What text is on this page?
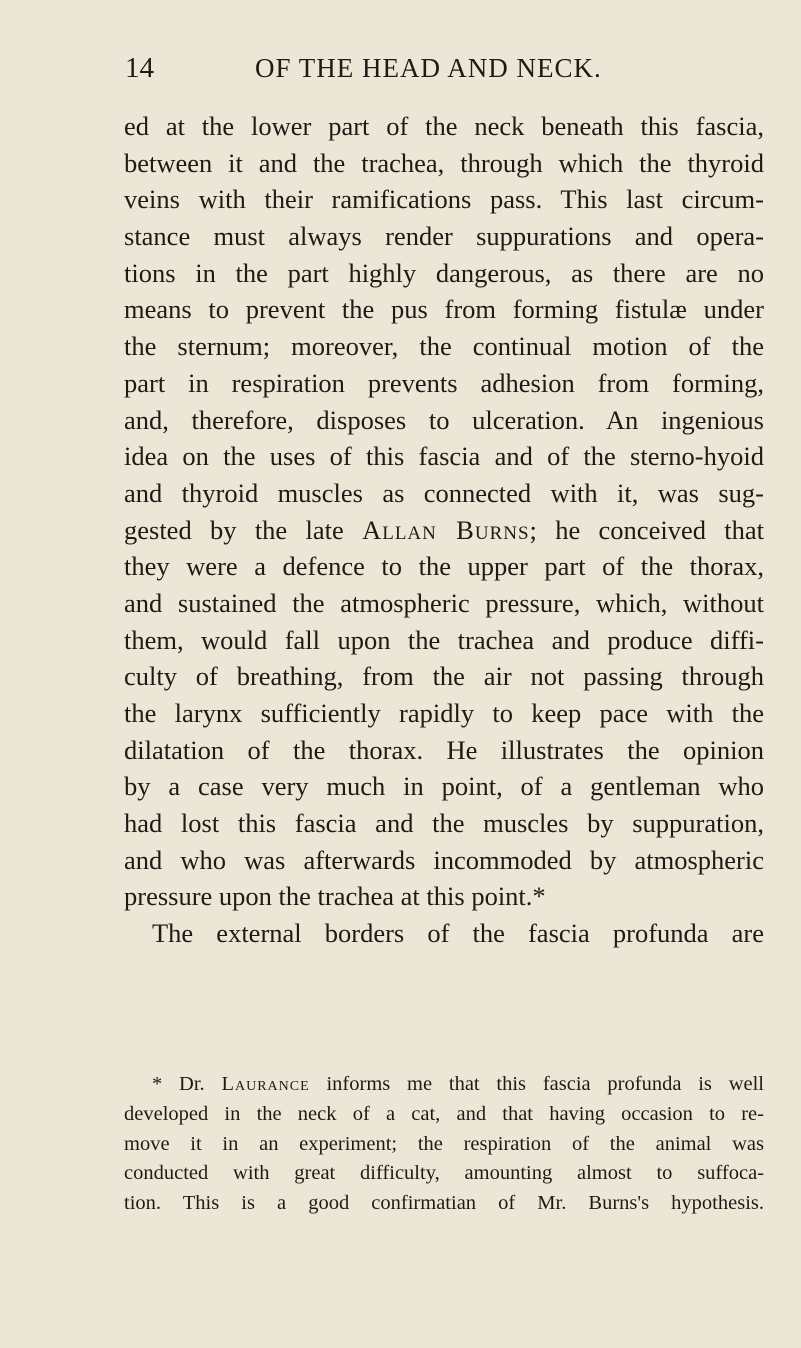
14	OF THE HEAD AND NECK.
ed at the lower part of the neck beneath this fascia,
between it and the trachea, through which the thyroid
veins with their ramifications pass. This last circum-
stance must always render suppurations and opera-
tions in the part highly dangerous, as there are no
means to prevent the pus from forming fistulæ under
the sternum; moreover, the continual motion of the
part in respiration prevents adhesion from forming,
and, therefore, disposes to ulceration. An ingenious
idea on the uses of this fascia and of the sterno-hyoid
and thyroid muscles as connected with it, was sug-
gested by the late Allan Burns; he conceived that
they were a defence to the upper part of the thorax,
and sustained the atmospheric pressure, which, without
them, would fall upon the trachea and produce diffi-
culty of breathing, from the air not passing through
the larynx sufficiently rapidly to keep pace with the
dilatation of the thorax. He illustrates the opinion
by a case very much in point, of a gentleman who
had lost this fascia and the muscles by suppuration,
and who was afterwards incommoded by atmospheric
pressure upon the trachea at this point.*
The external borders of the fascia profunda are
* Dr. Laurance informs me that this fascia profunda is well
developed in the neck of a cat, and that having occasion to re-
move it in an experiment; the respiration of the animal was
conducted with great difficulty, amounting almost to suffoca-
tion. This is a good confirmatian of Mr. Burns's hypothesis.
